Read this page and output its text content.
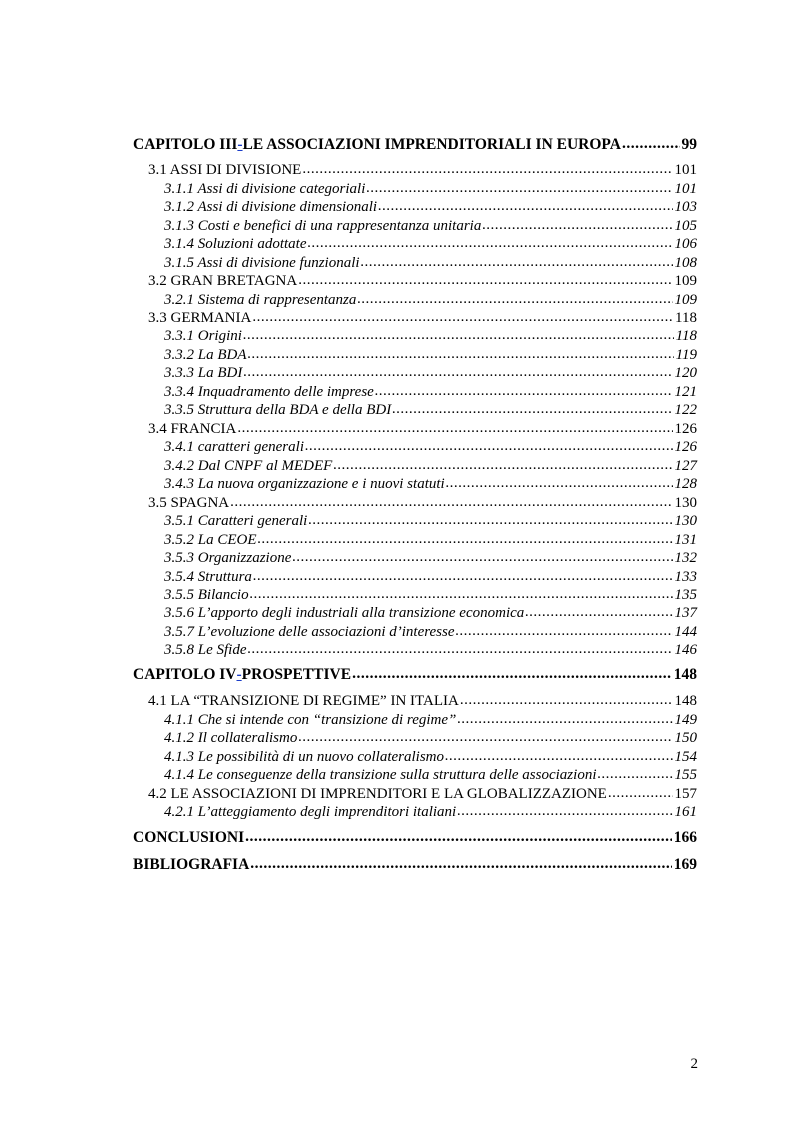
CAPITOLO III - LE ASSOCIAZIONI IMPRENDITORIALI IN EUROPA .....	99
3.1 ASSI DI DIVISIONE .....	101
3.1.1 Assi di divisione categoriali .....	101
3.1.2 Assi di divisione dimensionali .....	103
3.1.3 Costi e benefici di una rappresentanza unitaria .....	105
3.1.4 Soluzioni adottate .....	106
3.1.5 Assi di divisione funzionali .....	108
3.2 GRAN BRETAGNA .....	109
3.2.1 Sistema di rappresentanza .....	109
3.3 GERMANIA .....	118
3.3.1 Origini .....	118
3.3.2 La BDA .....	119
3.3.3 La BDI .....	120
3.3.4 Inquadramento delle imprese .....	121
3.3.5 Struttura della BDA e della BDI .....	122
3.4 FRANCIA .....	126
3.4.1 caratteri generali .....	126
3.4.2 Dal CNPF al MEDEF .....	127
3.4.3 La nuova organizzazione e i nuovi statuti .....	128
3.5 SPAGNA .....	130
3.5.1 Caratteri generali .....	130
3.5.2 La CEOE .....	131
3.5.3 Organizzazione .....	132
3.5.4 Struttura .....	133
3.5.5 Bilancio .....	135
3.5.6 L’apporto degli industriali alla transizione economica .....	137
3.5.7 L’evoluzione delle associazioni d’interesse .....	144
3.5.8 Le Sfide .....	146
CAPITOLO IV - PROSPETTIVE .....	148
4.1 LA “TRANSIZIONE DI REGIME” IN ITALIA .....	148
4.1.1 Che si intende con “transizione di regime” .....	149
4.1.2 Il collateralismo .....	150
4.1.3 Le possibilità di un nuovo collateralismo .....	154
4.1.4 Le conseguenze della transizione sulla struttura delle associazioni .....	155
4.2 LE ASSOCIAZIONI DI IMPRENDITORI E LA GLOBALIZZAZIONE .....	157
4.2.1 L’atteggiamento degli imprenditori italiani .....	161
CONCLUSIONI .....	166
BIBLIOGRAFIA .....	169
2
